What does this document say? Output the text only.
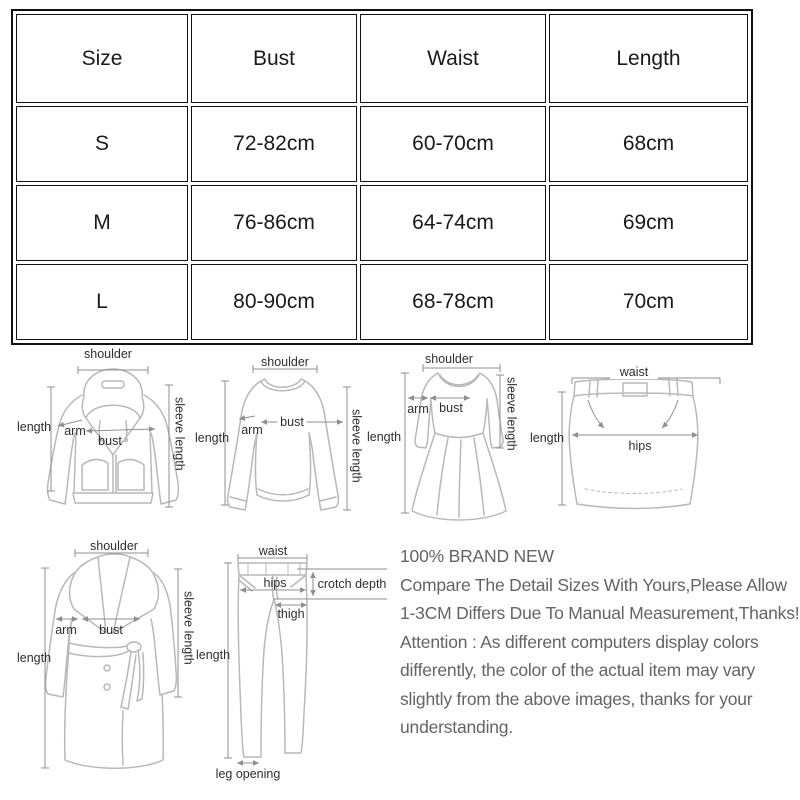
Size	Bust	Waist	Length
S	72-82cm	60-70cm	68cm
M	76-86cm	64-74cm	69cm
L	80-90cm	68-78cm	70cm
shoulder
length	arm
bust	sleeve length
shoulder
length
arm
bust	sleeve length
shoulder
length
arm bust	sleeve length
waist
length
hips
shoulder
length
arm	bust	sleeve length
waist
hips	crotch depth
thigh
length
leg opening
100% BRAND NEW
Compare The Detail Sizes With Yours,Please Allow
1-3CM Differs Due To Manual Measurement,Thanks!
Attention : As different computers display colors
differently, the color of the actual item may vary
slightly from the above images, thanks for your
understanding.
